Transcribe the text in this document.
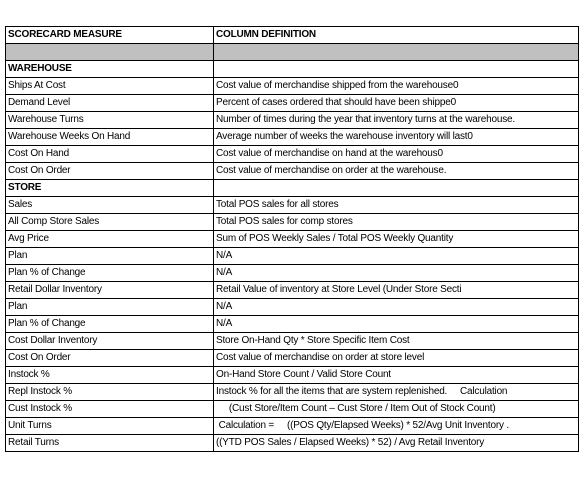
SCORECARD MEASURE	COLUMN DEFINITION

WAREHOUSE	
Ships At Cost	Cost value of merchandise shipped from the warehouse0
Demand Level	Percent of cases ordered that should have been shippe0
Warehouse Turns	Number of times during the year that inventory turns at the warehouse.
Warehouse Weeks On Hand	Average number of weeks the warehouse inventory will last0
Cost On Hand	Cost value of merchandise on hand at the warehous0
Cost On Order	Cost value of merchandise on order at the warehouse.
STORE	
Sales	Total POS sales for all stores
All Comp Store Sales	Total POS sales for comp stores
Avg Price	Sum of POS Weekly Sales / Total POS Weekly Quantity
Plan	N/A
Plan % of Change	N/A
Retail Dollar Inventory	Retail Value of inventory at Store Level (Under Store Secti
Plan	N/A
Plan % of Change	N/A
Cost Dollar Inventory	Store On-Hand Qty * Store Specific Item Cost
Cost On Order	Cost value of merchandise on order at store level
Instock %	On-Hand Store Count / Valid Store Count
Repl Instock %	Instock % for all the items that are system replenished.     Calculation
Cust Instock %	(Cust Store/Item Count – Cust Store / Item Out of Stock Count)
Unit Turns	Calculation =     ((POS Qty/Elapsed Weeks) * 52/Avg Unit Inventory .
Retail Turns	((YTD POS Sales / Elapsed Weeks) * 52) / Avg Retail Inventory
